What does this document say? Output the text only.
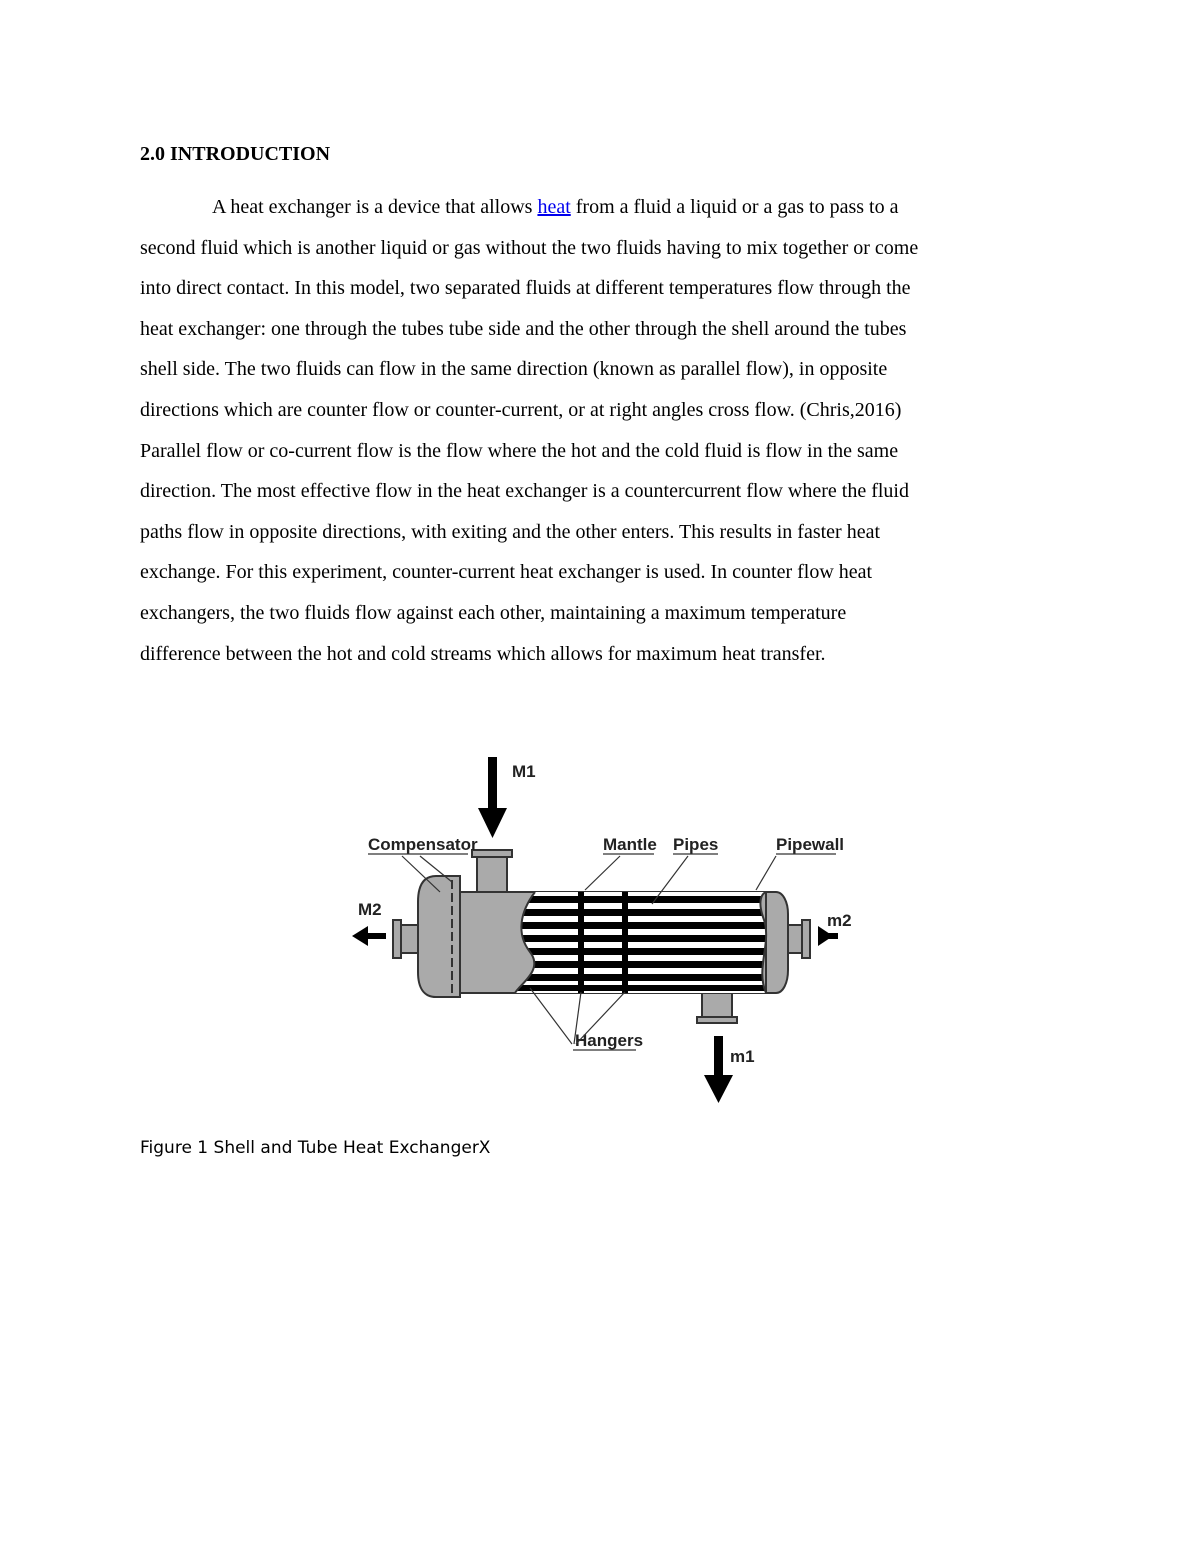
2.0 INTRODUCTION
A heat exchanger is a device that allows heat from a fluid a liquid or a gas to pass to a
second fluid which is another liquid or gas without the two fluids having to mix together or come
into direct contact. In this model, two separated fluids at different temperatures flow through the
heat exchanger: one through the tubes tube side and the other through the shell around the tubes
shell side. The two fluids can flow in the same direction (known as parallel flow), in opposite
directions which are counter flow or counter-current, or at right angles cross flow. (Chris,2016)
Parallel flow or co-current flow is the flow where the hot and the cold fluid is flow in the same
direction. The most effective flow in the heat exchanger is a countercurrent flow where the fluid
paths flow in opposite directions, with exiting and the other enters. This results in faster heat
exchange. For this experiment, counter-current heat exchanger is used. In counter flow heat
exchangers, the two fluids flow against each other, maintaining a maximum temperature
difference between the hot and cold streams which allows for maximum heat transfer.
M1
Compensator	Mantle Pipes	Pipewall
M2
m2
Hangers
m1

Figure 1 Shell and Tube Heat ExchangerX
